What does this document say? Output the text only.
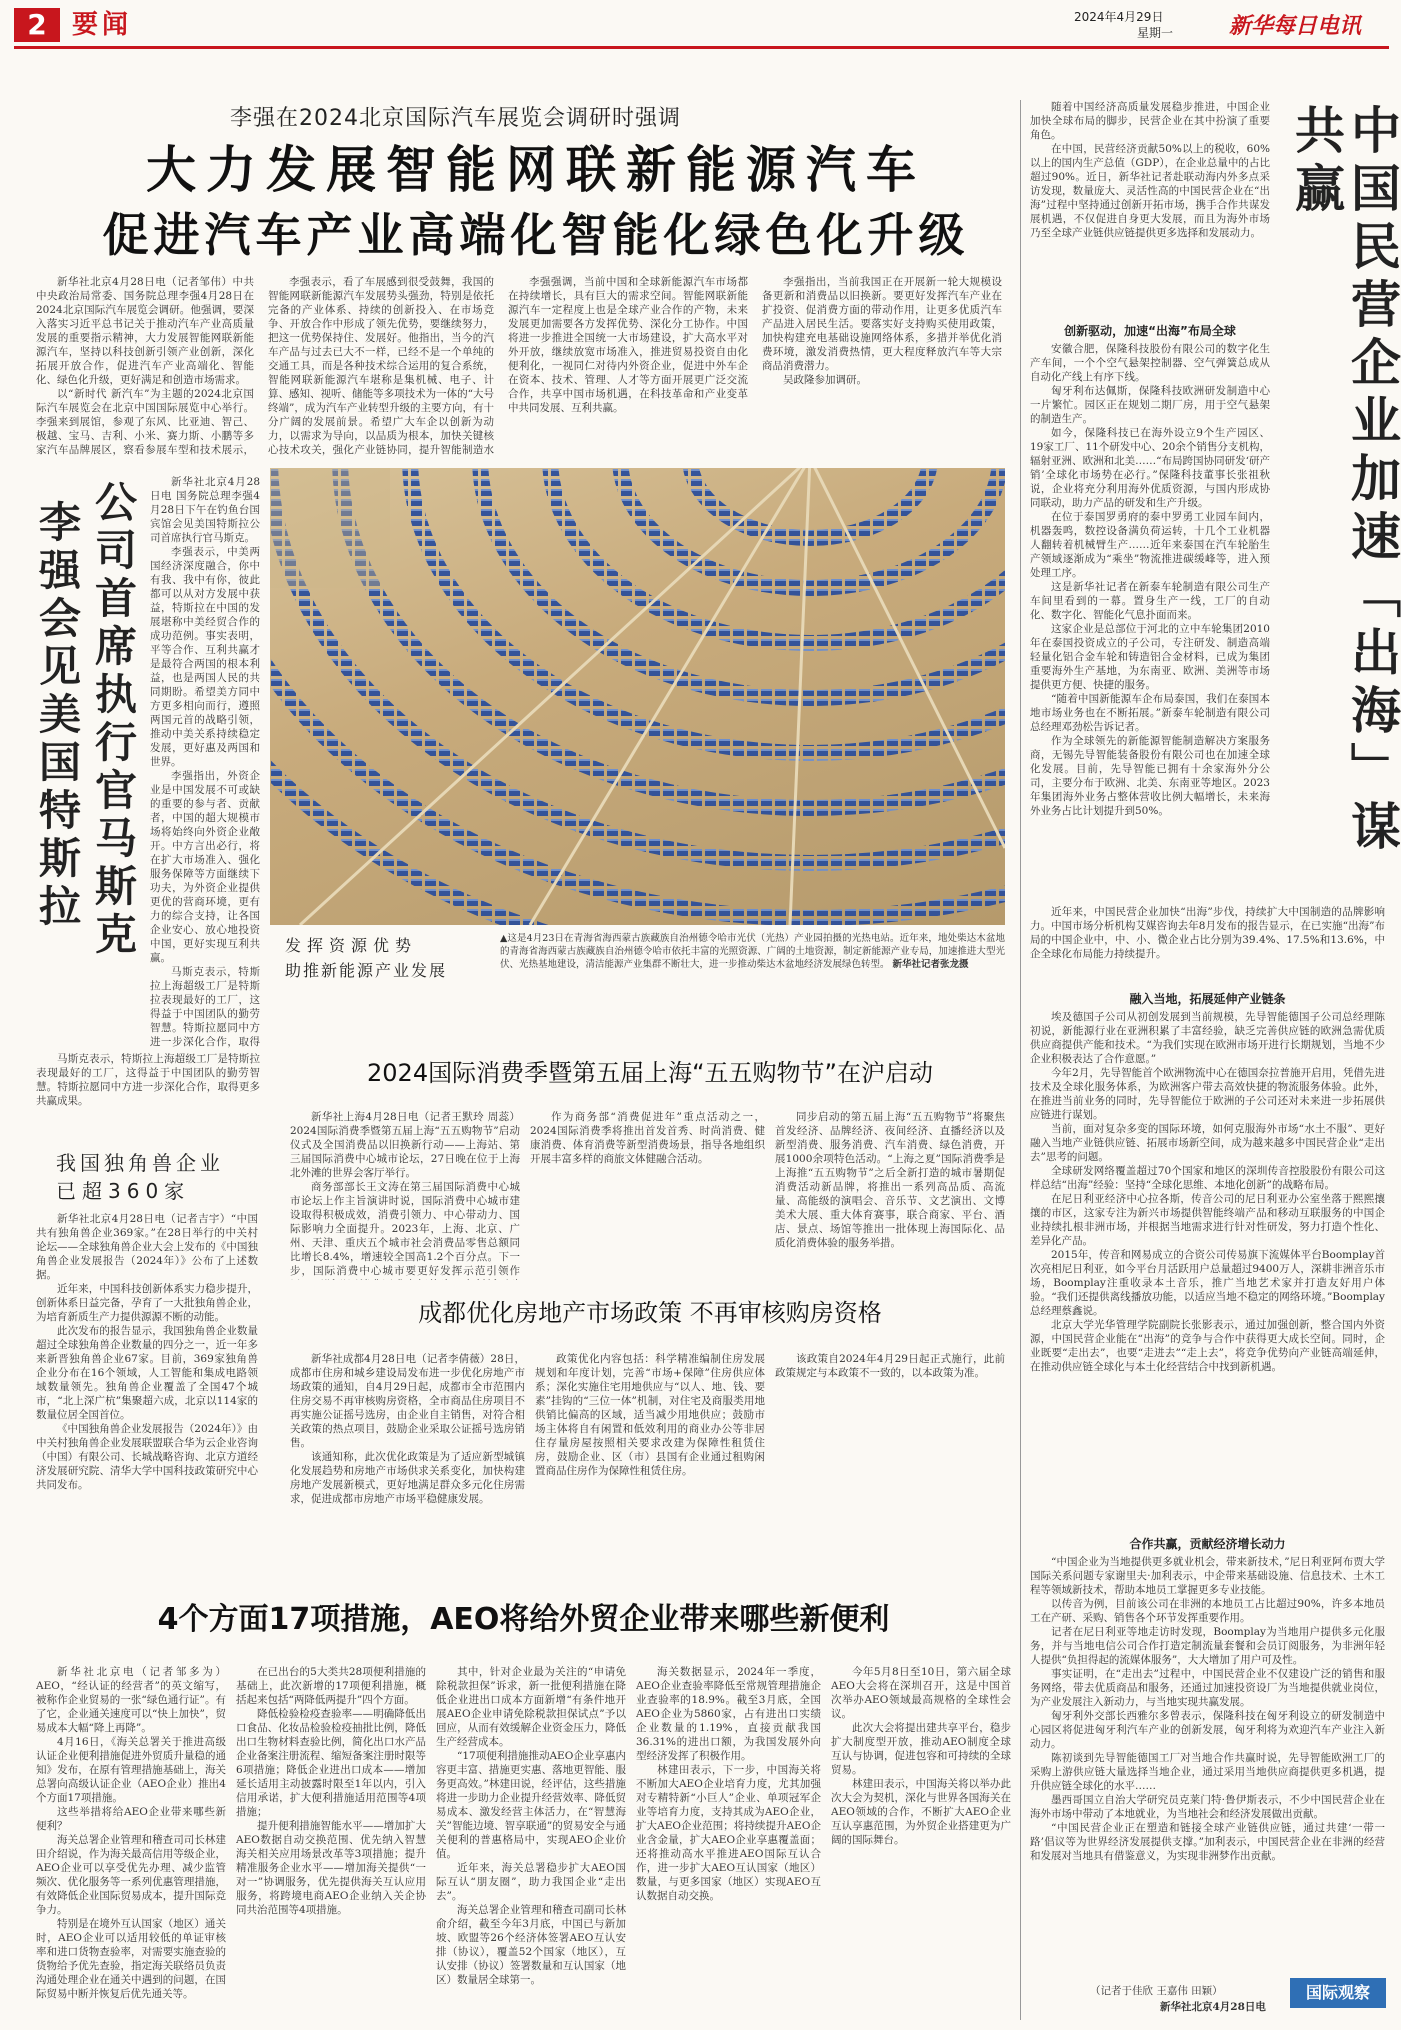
2 要闻	2024年4月29日
星期一	新华每日电讯
李强在2024北京国际汽车展览会调研时强调
大力发展智能网联新能源汽车
促进汽车产业高端化智能化绿色化升级

新华社北京4月28日电（记者邹伟）中共中央政治局常委、国务院总理李强4月28日在2024北京国际汽车展览会调研。他强调，要深入落实习近平总书记关于推动汽车产业高质量发展的重要指示精神，大力发展智能网联新能源汽车，坚持以科技创新引领产业创新，深化拓展开放合作，促进汽车产业高端化、智能化、绿色化升级，更好满足和创造市场需求。

以“新时代 新汽车”为主题的2024北京国际汽车展览会在北京中国国际展览中心举行。李强来到展馆，参观了东风、比亚迪、智己、极越、宝马、吉利、小米、赛力斯、小鹏等多家汽车品牌展区，察看参展车型和技术展示，

李强表示，看了车展感到很受鼓舞，我国的智能网联新能源汽车发展势头强劲，特别是依托完备的产业体系、持续的创新投入、在市场竞争、开放合作中形成了领先优势，要继续努力，把这一优势保持住、发展好。他指出，当今的汽车产品与过去已大不一样，已经不是一个单纯的交通工具，而是各种技术综合运用的复合系统，智能网联新能源汽车堪称是集机械、电子、计算、感知、视听、储能等多项技术为一体的“大号终端”，成为汽车产业转型升级的主要方向，有十分广阔的发展前景。希望广大车企以创新为动力，以需求为导向，以品质为根本，加快关键核心技术攻关，强化产业链协同，提升智能制造水

李强强调，当前中国和全球新能源汽车市场都在持续增长，具有巨大的需求空间。智能网联新能源汽车一定程度上也是全球产业合作的产物，未来发展更加需要各方发挥优势、深化分工协作。中国将进一步推进全国统一大市场建设，扩大高水平对外开放，继续放宽市场准入，推进贸易投资自由化便利化，一视同仁对待内外资企业，促进中外车企在资本、技术、管理、人才等方面开展更广泛交流合作，共享中国市场机遇，在科技革命和产业变革中共同发展、互利共赢。

李强指出，当前我国正在开展新一轮大规模设备更新和消费品以旧换新。要更好发挥汽车产业在扩投资、促消费方面的带动作用，让更多优质汽车产品进入居民生活。要落实好支持购买使用政策，加快构建充电基础设施网络体系，多措并举优化消费环境，激发消费热情，更大程度释放汽车等大宗商品消费潜力。

吴政隆参加调研。

李强会见美国特斯拉 公司首席执行官马斯克	新华社北京4月28日电 国务院总理李强4月28日下午在钓鱼台国宾馆会见美国特斯拉公司首席执行官马斯克。

李强表示，中美两国经济深度融合，你中有我、我中有你，彼此都可以从对方发展中获益，特斯拉在中国的发展堪称中美经贸合作的成功范例。事实表明，平等合作、互利共赢才是最符合两国的根本利益，也是两国人民的共同期盼。希望美方同中方更多相向而行，遵照两国元首的战略引领，推动中美关系持续稳定发展，更好惠及两国和世界。

李强指出，外资企业是中国发展不可或缺的重要的参与者、贡献者，中国的超大规模市场将始终向外资企业敞开。中方言出必行，将在扩大市场准入、强化服务保障等方面继续下功夫，为外资企业提供更优的营商环境，更有力的综合支持，让各国企业安心、放心地投资中国，更好实现互利共赢。

马斯克表示，特斯拉上海超级工厂是特斯拉表现最好的工厂，这得益于中国团队的勤劳智慧。特斯拉愿同中方进一步深化合作，取得

发挥资源优势
助推新能源产业发展
▲这是4月23日在青海省海西蒙古族藏族自治州德令哈市光伏（光热）产业园拍摄的光热电站。近年来，地处柴达木盆地的青海省海西蒙古族藏族自治州德令哈市依托丰富的光照资源、广阔的土地资源，制定新能源产业专局，加速推进大型光伏、光热基地建设，清洁能源产业集群不断壮大，进一步推动柴达木盆地经济发展绿色转型。 新华社记者张龙摄
我国独角兽企业
已超360家

新华社北京4月28日电（记者吉宇）“中国共有独角兽企业369家。”在28日举行的中关村论坛——全球独角兽企业大会上发布的《中国独角兽企业发展报告（2024年）》公布了上述数据。

近年来，中国科技创新体系实力稳步提升，创新体系日益完备，孕育了一大批独角兽企业，为培育新质生产力提供源源不断的动能。

此次发布的报告显示，我国独角兽企业数量超过全球独角兽企业数量的四分之一，近一年多来新晋独角兽企业67家。目前，369家独角兽企业分布在16个领域，人工智能和集成电路领域数量领先。独角兽企业覆盖了全国47个城市，“北上深广杭”集聚超六成，北京以114家的数量位居全国首位。

《中国独角兽企业发展报告（2024年）》由中关村独角兽企业发展联盟联合华为云企业咨询（中国）有限公司、长城战略咨询、北京方道经济发展研究院、清华大学中国科技政策研究中心共同发布。

马斯克表示，特斯拉上海超级工厂是特斯拉表现最好的工厂，这得益于中国团队的勤劳智慧。特斯拉愿同中方进一步深化合作，取得更多共赢成果。

2024国际消费季暨第五届上海“五五购物节”在沪启动

新华社上海4月28日电（记者王默玲 周蕊）2024国际消费季暨第五届上海“五五购物节”启动仪式及全国消费品以旧换新行动——上海站、第三届国际消费中心城市论坛，27日晚在位于上海北外滩的世界会客厅举行。

商务部部长王文涛在第三届国际消费中心城市论坛上作主旨演讲时说，国际消费中心城市建设取得积极成效，消费引领力、中心带动力、国际影响力全面提升。2023年，上海、北京、广州、天津、重庆五个城市社会消费品零售总额同比增长8.4%，增速较全国高1.2个百分点。下一步，国际消费中心城市要更好发挥示范引领作

作为商务部“消费促进年”重点活动之一，2024国际消费季将推出首发首秀、时尚消费、健康消费、体育消费等新型消费场景，指导各地组织开展丰富多样的商旅文体健融合活动。

同步启动的第五届上海“五五购物节”将聚焦首发经济、品牌经济、夜间经济、直播经济以及新型消费、服务消费、汽车消费、绿色消费，开展1000余项特色活动。“上海之夏”国际消费季是上海推“五五购物节”之后全新打造的城市暑期促消费活动新品牌，将推出一系列高品质、高流量、高能级的演唱会、音乐节、文艺演出、文博美术大展、重大体育赛事，联合商家、平台、酒店、景点、场馆等推出一批体现上海国际化、品质化消费体验的服务举措。

成都优化房地产市场政策 不再审核购房资格

新华社成都4月28日电（记者李倩薇）28日，成都市住房和城乡建设局发布进一步优化房地产市场政策的通知，自4月29日起，成都市全市范围内住房交易不再审核购房资格，全市商品住房项目不再实施公证摇号选房，由企业自主销售，对符合相关政策的热点项目，鼓励企业采取公证摇号选房销售。

该通知称，此次优化政策是为了适应新型城镇化发展趋势和房地产市场供求关系变化，加快构建房地产发展新模式，更好地满足群众多元化住房需求，促进成都市房地产市场平稳健康发展。

政策优化内容包括：科学精准编制住房发展规划和年度计划，完善“市场+保障”住房供应体系；深化实施住宅用地供应与“以人、地、钱、要素”挂钩的“三位一体”机制，对住宅及商服类用地供销比偏高的区域，适当减少用地供应；鼓励市场主体将自有闲置和低效利用的商业办公等非居住存量房屋按照相关要求改建为保障性租赁住房，鼓励企业、区（市）县国有企业通过租购闲置商品住房作为保障性租赁住房。

该政策自2024年4月29日起正式施行，此前政策规定与本政策不一致的，以本政策为准。

4个方面17项措施，AEO将给外贸企业带来哪些新便利

新华社北京电（记者邹多为）AEO，“经认证的经营者”的英文缩写，被称作企业贸易的一张“绿色通行证”。有了它，企业通关速度可以“快上加快”，贸易成本大幅“降上再降”。

4月16日，《海关总署关于推进高级认证企业便利措施促进外贸质升量稳的通知》发布，在原有管理措施基础上，海关总署向高级认证企业（AEO企业）推出4个方面17项措施。

这些举措将给AEO企业带来哪些新便利？

海关总署企业管理和稽查司司长林建田介绍说，作为海关最高信用等级企业，AEO企业可以享受优先办理、减少监管频次、优化服务等一系列优惠管理措施，有效降低企业国际贸易成本，提升国际竞争力。

特别是在境外互认国家（地区）通关时，AEO企业可以适用较低的单证审核率和进口货物查验率，对需要实施查验的货物给予优先查验，指定海关联络员负责沟通处理企业在通关中遇到的问题，在国际贸易中断并恢复后优先通关等。

在已出台的5大类共28项便利措施的基础上，此次新增的17项便利措施，概括起来包括“两降低两提升”四个方面。

降低检验检疫查验率——明确降低出口食品、化妆品检验检疫抽批比例，降低出口生物材料查验比例，简化出口水产品企业备案注册流程、缩短备案注册时限等6项措施；降低企业进出口成本——增加延长适用主动披露时限至1年以内，引入信用承诺，扩大便利措施适用范围等4项措施；

提升便利措施智能水平——增加扩大AEO数据自动交换范围、优先纳入智慧海关相关应用场景改革等3项措施；提升精准服务企业水平——增加海关提供“一对一”协调服务，优先提供海关互认应用服务，将跨境电商AEO企业纳入关企协同共治范围等4项措施。

其中，针对企业最为关注的“申请免除税款担保”诉求，新一批便利措施在降低企业进出口成本方面新增“有条件地开展AEO企业申请免除税款担保试点”予以回应，从而有效缓解企业资金压力，降低生产经营成本。

“17项便利措施推动AEO企业享惠内容更丰富、措施更实惠、落地更智能、服务更高效。”林建田说，经评估，这些措施将进一步助力企业提升经营效率、降低贸易成本、激发经营主体活力，在“智慧海关”智能边境、智享联通”的贸易安全与通关便利的普惠格局中，实现AEO企业价值。

近年来，海关总署稳步扩大AEO国际互认“朋友圈”，助力我国企业“走出去”。

海关总署企业管理和稽查司副司长林俞介绍，截至今年3月底，中国已与新加坡、欧盟等26个经济体签署AEO互认安排（协议），覆盖52个国家（地区），互认安排（协议）签署数量和互认国家（地区）数量居全球第一。

海关数据显示，2024年一季度，AEO企业查验率降低至常规管理措施企业查验率的18.9%。截至3月底，全国AEO企业为5860家，占有进出口实绩企业数量的1.19%，直接贡献我国36.31%的进出口额，为我国发展外向型经济发挥了积极作用。

林建田表示，下一步，中国海关将不断加大AEO企业培育力度，尤其加强对专精特新“小巨人”企业、单项冠军企业等培育力度，支持其成为AEO企业，扩大AEO企业范围；将持续提升AEO企业含金量，扩大AEO企业享惠覆盖面；还将推动高水平推进AEO国际互认合作，进一步扩大AEO互认国家（地区）数量，与更多国家（地区）实现AEO互认数据自动交换。

今年5月8日至10日，第六届全球AEO大会将在深圳召开，这是中国首次举办AEO领域最高规格的全球性会议。

此次大会将提出建共享平台，稳步扩大制度型开放，推动AEO制度全球互认与协调，促进包容和可持续的全球贸易。

林建田表示，中国海关将以举办此次大会为契机，深化与世界各国海关在AEO领域的合作，不断扩大AEO企业互认享惠范围，为外贸企业搭建更为广阔的国际舞台。

随着中国经济高质量发展稳步推进，中国企业加快全球布局的脚步，民营企业在其中扮演了重要角色。

在中国，民营经济贡献50%以上的税收，60%以上的国内生产总值（GDP），在企业总量中的占比超过90%。近日，新华社记者赴联动海内外多点采访发现，数量庞大、灵活性高的中国民营企业在“出海”过程中坚持通过创新开拓市场，携手合作共谋发展机遇，不仅促进自身更大发展，而且为海外市场乃至全球产业链供应链提供更多选择和发展动力。	中国民营企业加速「出海」谋共赢
创新驱动，加速“出海”布局全球

安徽合肥，保隆科技股份有限公司的数字化生产车间，一个个空气悬架控制器、空气弹簧总成从自动化产线上有序下线。

匈牙利布达佩斯，保隆科技欧洲研发制造中心一片繁忙。园区正在规划二期厂房，用于空气悬架的制造生产。

如今，保隆科技已在海外设立9个生产园区、19家工厂、11个研发中心、20余个销售分支机构，辐射亚洲、欧洲和北美……“布局跨国协同研发‘研产销’全球化市场势在必行。”保隆科技董事长张祖秋说，企业将充分利用海外优质资源，与国内形成协同联动，助力产品的研发和生产升级。

在位于泰国罗勇府的泰中罗勇工业园车间内，机器轰鸣，数控设备满负荷运转，十几个工业机器人翻转着机械臂生产……近年来泰国在汽车轮胎生产领域逐渐成为“乘坐”物流推进碳缓峰等，进入预处理工序。

这是新华社记者在新泰车轮制造有限公司生产车间里看到的一幕。置身生产一线，工厂的自动化、数字化、智能化气息扑面而来。

这家企业是总部位于河北的立中车轮集团2010年在泰国投资成立的子公司，专注研发、制造高端轻量化铝合金车轮和铸造铝合金材料，已成为集团重要海外生产基地，为东南亚、欧洲、美洲等市场提供更方便、快捷的服务。

“随着中国新能源车企布局泰国，我们在泰国本地市场业务也在不断拓展。”新泰车轮制造有限公司总经理邓劲松告诉记者。

作为全球领先的新能源智能制造解决方案服务商，无锡先导智能装备股份有限公司也在加速全球化发展。目前，先导智能已拥有十余家海外分公司，主要分布于欧洲、北美、东南亚等地区。2023年集团海外业务占整体营收比例大幅增长，未来海外业务占比计划提升到50%。

近年来，中国民营企业加快“出海”步伐，持续扩大中国制造的品牌影响力。中国市场分析机构艾媒咨询去年8月发布的报告显示，在已实施“出海”布局的中国企业中，中、小、微企业占比分别为39.4%、17.5%和13.6%，中企全球化布局能力持续提升。

融入当地，拓展延伸产业链条

埃及德国子公司从初创发展到当前规模，先导智能德国子公司总经理陈初说，新能源行业在亚洲积累了丰富经验，缺乏完善供应链的欧洲急需优质供应商提供产能和技术。“为我们实现在欧洲市场开进行长期规划，当地不少企业积极表达了合作意愿。”

今年2月，先导智能首个欧洲物流中心在德国奈拉普施开启用，凭借先进技术及全球化服务体系，为欧洲客户带去高效快捷的物流服务体验。此外，在推进当前业务的同时，先导智能位于欧洲的子公司还对未来进一步拓展供应链进行谋划。

当前，面对复杂多变的国际环境，如何克服海外市场“水土不服”、更好融入当地产业链供应链、拓展市场新空间，成为越来越多中国民营企业“走出去”思考的问题。

全球研发网络覆盖超过70个国家和地区的深圳传音控股股份有限公司这样总结“出海”经验：坚持“全球化思维、本地化创新”的战略布局。

在尼日利亚经济中心拉各斯，传音公司的尼日利亚办公室坐落于熙熙攘攘的市区，这家专注为新兴市场提供智能终端产品和移动互联服务的中国企业持续扎根非洲市场，并根据当地需求进行针对性研发，努力打造个性化、差异化产品。

2015年，传音和网易成立的合资公司传易旗下流媒体平台Boomplay首次亮相尼日利亚，如今平台月活跃用户总量超过9400万人，深耕非洲音乐市场，Boomplay注重收录本土音乐，推广当地艺术家并打造友好用户体验。“我们还提供离线播放功能，以适应当地不稳定的网络环境。”Boomplay总经理蔡鑫说。

北京大学光华管理学院副院长张影表示，通过加强创新，整合国内外资源，中国民营企业能在“出海”的竞争与合作中获得更大成长空间。同时，企业既要“走出去”，也要“走进去”“走上去”，将竞争优势向产业链高端延伸，在推动供应链全球化与本土化经营结合中找到新机遇。

合作共赢，贡献经济增长动力

“中国企业为当地提供更多就业机会，带来新技术，”尼日利亚阿布贾大学国际关系问题专家谢里夫·加利表示，中企带来基础设施、信息技术、土木工程等领域新技术，帮助本地员工掌握更多专业技能。

以传音为例，目前该公司在非洲的本地员工占比超过90%，许多本地员工在产研、采购、销售各个环节发挥重要作用。

记者在尼日利亚等地走访时发现，Boomplay为当地用户提供多元化服务，并与当地电信公司合作打造定制流量套餐和会员订阅服务，为非洲年轻人提供“负担得起的流媒体服务”，大大增加了用户可及性。

事实证明，在“走出去”过程中，中国民营企业不仅建设广泛的销售和服务网络，带去优质商品和服务，还通过加速投资设厂为当地提供就业岗位，为产业发展注入新动力，与当地实现共赢发展。

匈牙利外交部长西雅尔多曾表示，保隆科技在匈牙利设立的研发制造中心园区将促进匈牙利汽车产业的创新发展，匈牙利将为欢迎汽车产业注入新动力。

陈初谈到先导智能德国工厂对当地合作共赢时说，先导智能欧洲工厂的采购上游供应链大量选择当地企业，通过采用当地供应商提供更多机遇，提升供应链全球化的水平……

墨西哥国立自治大学研究员克莱门特·鲁伊斯表示，不少中国民营企业在海外市场中带动了本地就业，为当地社会和经济发展做出贡献。

“中国民营企业正在塑造和链接全球产业链供应链，通过共建‘一带一路’倡议等为世界经济发展提供支撑。”加利表示，中国民营企业在非洲的经营和发展对当地具有借鉴意义，为实现非洲梦作出贡献。

（记者于佳欣 王嘉伟 田颖）
新华社北京4月28日电
国际观察
